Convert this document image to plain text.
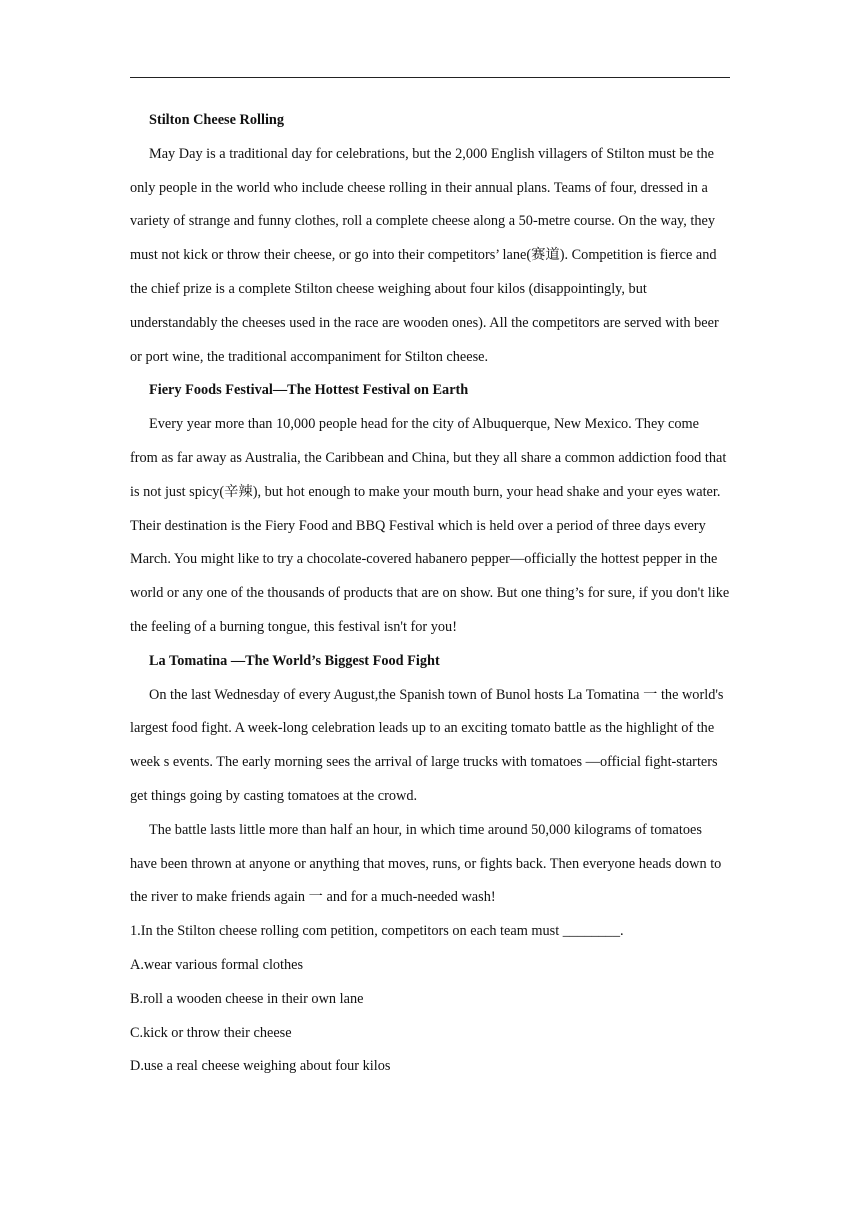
Stilton Cheese Rolling

May Day is a traditional day for celebrations, but the 2,000 English villagers of Stilton must be the only people in the world who include cheese rolling in their annual plans. Teams of four, dressed in a variety of strange and funny clothes, roll a complete cheese along a 50-metre course. On the way, they must not kick or throw their cheese, or go into their competitors’ lane(赛道). Competition is fierce and the chief prize is a complete Stilton cheese weighing about four kilos (disappointingly, but understandably the cheeses used in the race are wooden ones). All the competitors are served with beer or port wine, the traditional accompaniment for Stilton cheese.

Fiery Foods Festival—The Hottest Festival on Earth

Every year more than 10,000 people head for the city of Albuquerque, New Mexico. They come from as far away as Australia, the Caribbean and China, but they all share a common addiction food that is not just spicy(辛辣), but hot enough to make your mouth burn, your head shake and your eyes water. Their destination is the Fiery Food and BBQ Festival which is held over a period of three days every March. You might like to try a chocolate-covered habanero pepper—officially the hottest pepper in the world or any one of the thousands of products that are on show. But one thing’s for sure, if you don't like the feeling of a burning tongue, this festival isn't for you!

La Tomatina —The World’s Biggest Food Fight

On the last Wednesday of every August,the Spanish town of Bunol hosts La Tomatina 一 the world's largest food fight. A week-long celebration leads up to an exciting tomato battle as the highlight of the week s events. The early morning sees the arrival of large trucks with tomatoes —official fight-starters get things going by casting tomatoes at the crowd.

The battle lasts little more than half an hour, in which time around 50,000 kilograms of tomatoes have been thrown at anyone or anything that moves, runs, or fights back. Then everyone heads down to the river to make friends again 一 and for a much-needed wash!

1.In the Stilton cheese rolling com petition, competitors on each team must ________.

A.wear various formal clothes

B.roll a wooden cheese in their own lane

C.kick or throw their cheese

D.use a real cheese weighing about four kilos
